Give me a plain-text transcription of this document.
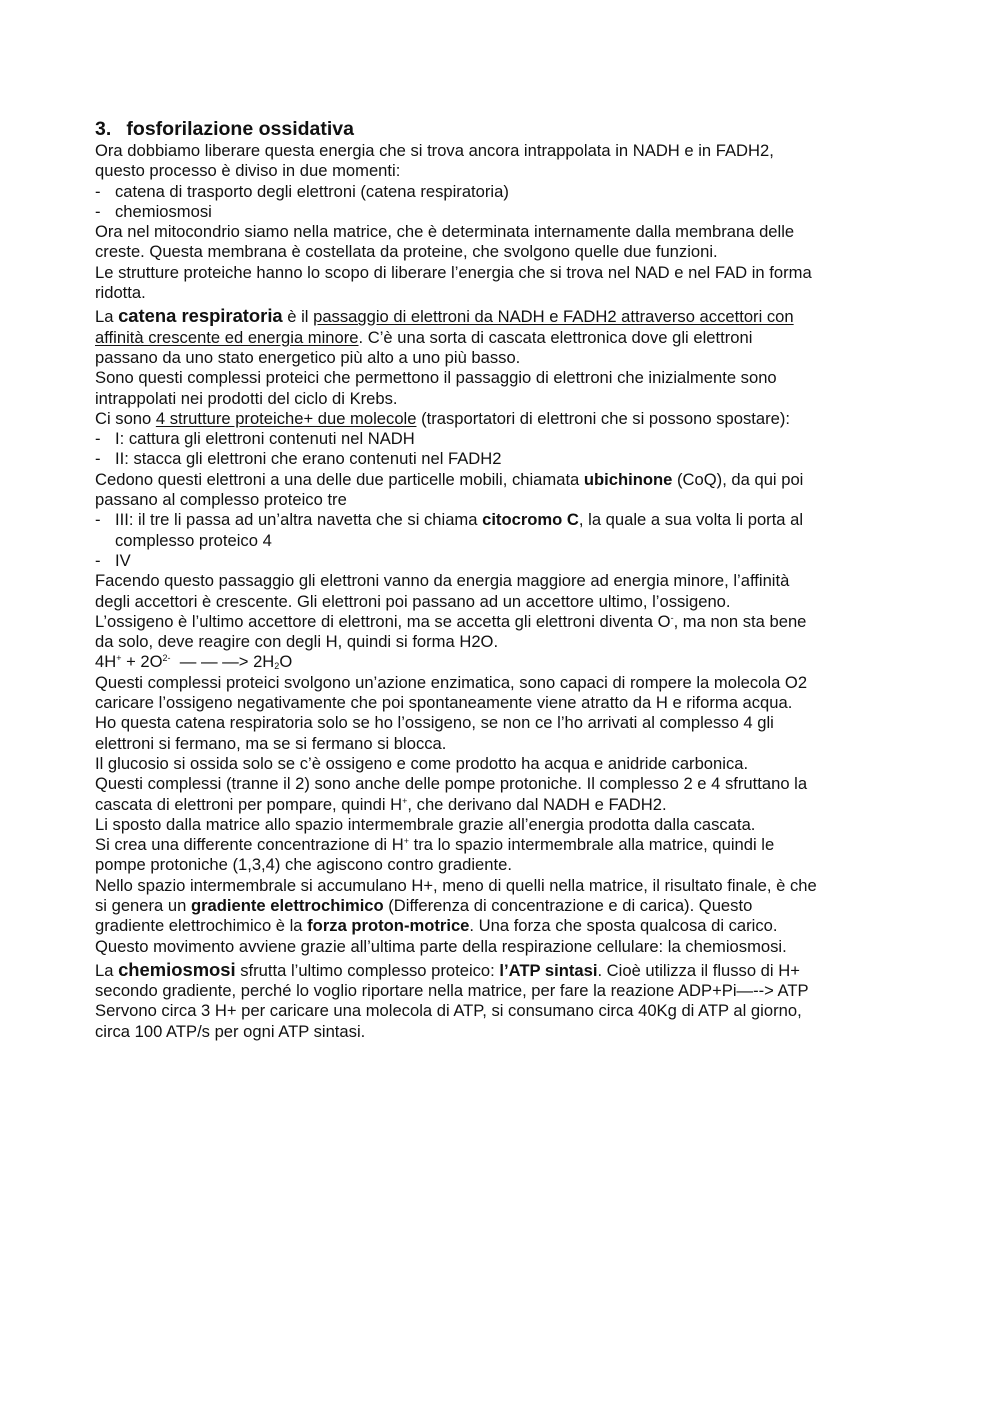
3. fosforilazione ossidativa

Ora dobbiamo liberare questa energia che si trova ancora intrappolata in NADH e in FADH2,

questo processo è diviso in due momenti:

- catena di trasporto degli elettroni (catena respiratoria)

- chemiosmosi

Ora nel mitocondrio siamo nella matrice, che è determinata internamente dalla membrana delle

creste. Questa membrana è costellata da proteine, che svolgono quelle due funzioni.

Le strutture proteiche hanno lo scopo di liberare l’energia che si trova nel NAD e nel FAD in forma

ridotta.

La catena respiratoria è il passaggio di elettroni da NADH e FADH2 attraverso accettori con

affinità crescente ed energia minore. C’è una sorta di cascata elettronica dove gli elettroni

passano da uno stato energetico più alto a uno più basso.

Sono questi complessi proteici che permettono il passaggio di elettroni che inizialmente sono

intrappolati nei prodotti del ciclo di Krebs.

Ci sono 4 strutture proteiche+ due molecole (trasportatori di elettroni che si possono spostare):

- I: cattura gli elettroni contenuti nel NADH

- II: stacca gli elettroni che erano contenuti nel FADH2

Cedono questi elettroni a una delle due particelle mobili, chiamata ubichinone (CoQ), da qui poi

passano al complesso proteico tre

- III: il tre li passa ad un’altra navetta che si chiama citocromo C, la quale a sua volta li porta al
complesso proteico 4

- IV

Facendo questo passaggio gli elettroni vanno da energia maggiore ad energia minore, l’affinità

degli accettori è crescente. Gli elettroni poi passano ad un accettore ultimo, l’ossigeno.

L’ossigeno è l’ultimo accettore di elettroni, ma se accetta gli elettroni diventa O-, ma non sta bene

da solo, deve reagire con degli H, quindi si forma H2O.

$4H^+ + 2O^{2-}$  — — —> $2H_2O$

Questi complessi proteici svolgono un’azione enzimatica, sono capaci di rompere la molecola O2

caricare l’ossigeno negativamente che poi spontaneamente viene atratto da H e riforma acqua.

Ho questa catena respiratoria solo se ho l’ossigeno, se non ce l’ho arrivati al complesso 4 gli

elettroni si fermano, ma se si fermano si blocca.

Il glucosio si ossida solo se c’è ossigeno e come prodotto ha acqua e anidride carbonica.

Questi complessi (tranne il 2) sono anche delle pompe protoniche. Il complesso 2 e 4 sfruttano la

cascata di elettroni per pompare, quindi H+, che derivano dal NADH e FADH2.

Li sposto dalla matrice allo spazio intermembrale grazie all’energia prodotta dalla cascata.

Si crea una differente concentrazione di H+ tra lo spazio intermembrale alla matrice, quindi le

pompe protoniche (1,3,4) che agiscono contro gradiente.

Nello spazio intermembrale si accumulano H+, meno di quelli nella matrice, il risultato finale, è che

si genera un gradiente elettrochimico (Differenza di concentrazione e di carica). Questo

gradiente elettrochimico è la forza proton-motrice. Una forza che sposta qualcosa di carico.

Questo movimento avviene grazie all’ultima parte della respirazione cellulare: la chemiosmosi.

La chemiosmosi sfrutta l’ultimo complesso proteico: l’ATP sintasi. Cioè utilizza il flusso di H+

secondo gradiente, perché lo voglio riportare nella matrice, per fare la reazione ADP+Pi—--> ATP

Servono circa 3 H+ per caricare una molecola di ATP, si consumano circa 40Kg di ATP al giorno,

circa 100 ATP/s per ogni ATP sintasi.
